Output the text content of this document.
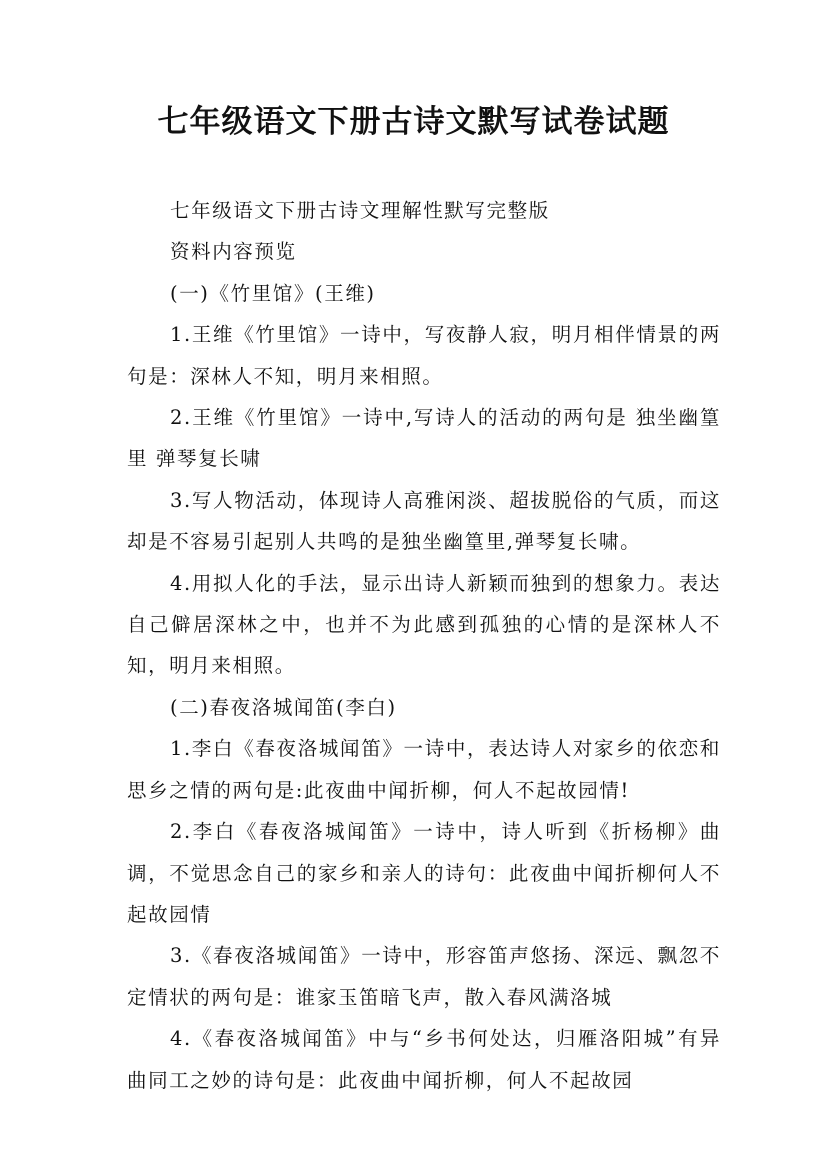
七年级语文下册古诗文默写试卷试题

七年级语文下册古诗文理解性默写完整版

资料内容预览

(一)《竹里馆》(王维)

1.王维《竹里馆》一诗中，写夜静人寂，明月相伴情景的两句是：深林人不知，明月来相照。

2.王维《竹里馆》一诗中,写诗人的活动的两句是 独坐幽篁里 弹琴复长啸

3.写人物活动，体现诗人高雅闲淡、超拔脱俗的气质，而这却是不容易引起别人共鸣的是独坐幽篁里,弹琴复长啸。

4.用拟人化的手法，显示出诗人新颖而独到的想象力。表达自己僻居深林之中，也并不为此感到孤独的心情的是深林人不知，明月来相照。

(二)春夜洛城闻笛(李白)

1.李白《春夜洛城闻笛》一诗中，表达诗人对家乡的依恋和思乡之情的两句是:此夜曲中闻折柳，何人不起故园情!

2.李白《春夜洛城闻笛》一诗中，诗人听到《折杨柳》曲调，不觉思念自己的家乡和亲人的诗句：此夜曲中闻折柳何人不起故园情

3.《春夜洛城闻笛》一诗中，形容笛声悠扬、深远、飘忽不定情状的两句是：谁家玉笛暗飞声，散入春风满洛城

4.《春夜洛城闻笛》中与“乡书何处达，归雁洛阳城”有异曲同工之妙的诗句是：此夜曲中闻折柳，何人不起故园
